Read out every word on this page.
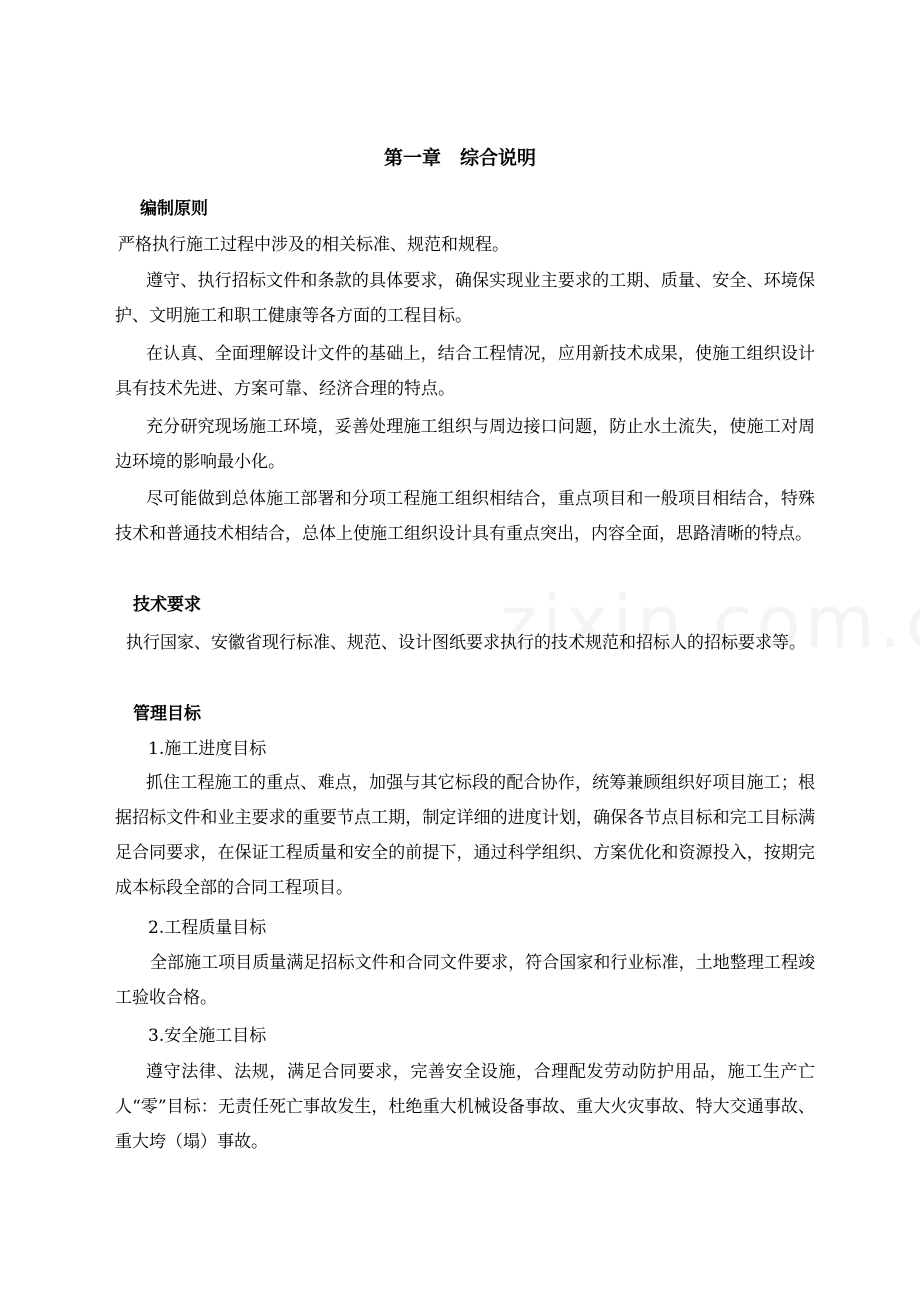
第一章　综合说明
编制原则

严格执行施工过程中涉及的相关标准、规范和规程。

遵守、执行招标文件和条款的具体要求，确保实现业主要求的工期、质量、安全、环境保护、文明施工和职工健康等各方面的工程目标。

在认真、全面理解设计文件的基础上，结合工程情况，应用新技术成果，使施工组织设计具有技术先进、方案可靠、经济合理的特点。

充分研究现场施工环境，妥善处理施工组织与周边接口问题，防止水土流失，使施工对周边环境的影响最小化。

尽可能做到总体施工部署和分项工程施工组织相结合，重点项目和一般项目相结合，特殊技术和普通技术相结合，总体上使施工组织设计具有重点突出，内容全面，思路清晰的特点。

技术要求

执行国家、安徽省现行标准、规范、设计图纸要求执行的技术规范和招标人的招标要求等。

管理目标
1.施工进度目标

抓住工程施工的重点、难点，加强与其它标段的配合协作，统筹兼顾组织好项目施工；根据招标文件和业主要求的重要节点工期，制定详细的进度计划，确保各节点目标和完工目标满足合同要求，在保证工程质量和安全的前提下，通过科学组织、方案优化和资源投入，按期完成本标段全部的合同工程项目。

2.工程质量目标

全部施工项目质量满足招标文件和合同文件要求，符合国家和行业标准，土地整理工程竣工验收合格。

3.安全施工目标

遵守法律、法规，满足合同要求，完善安全设施，合理配发劳动防护用品，施工生产亡人“零”目标：无责任死亡事故发生，杜绝重大机械设备事故、重大火灾事故、特大交通事故、重大垮（塌）事故。
